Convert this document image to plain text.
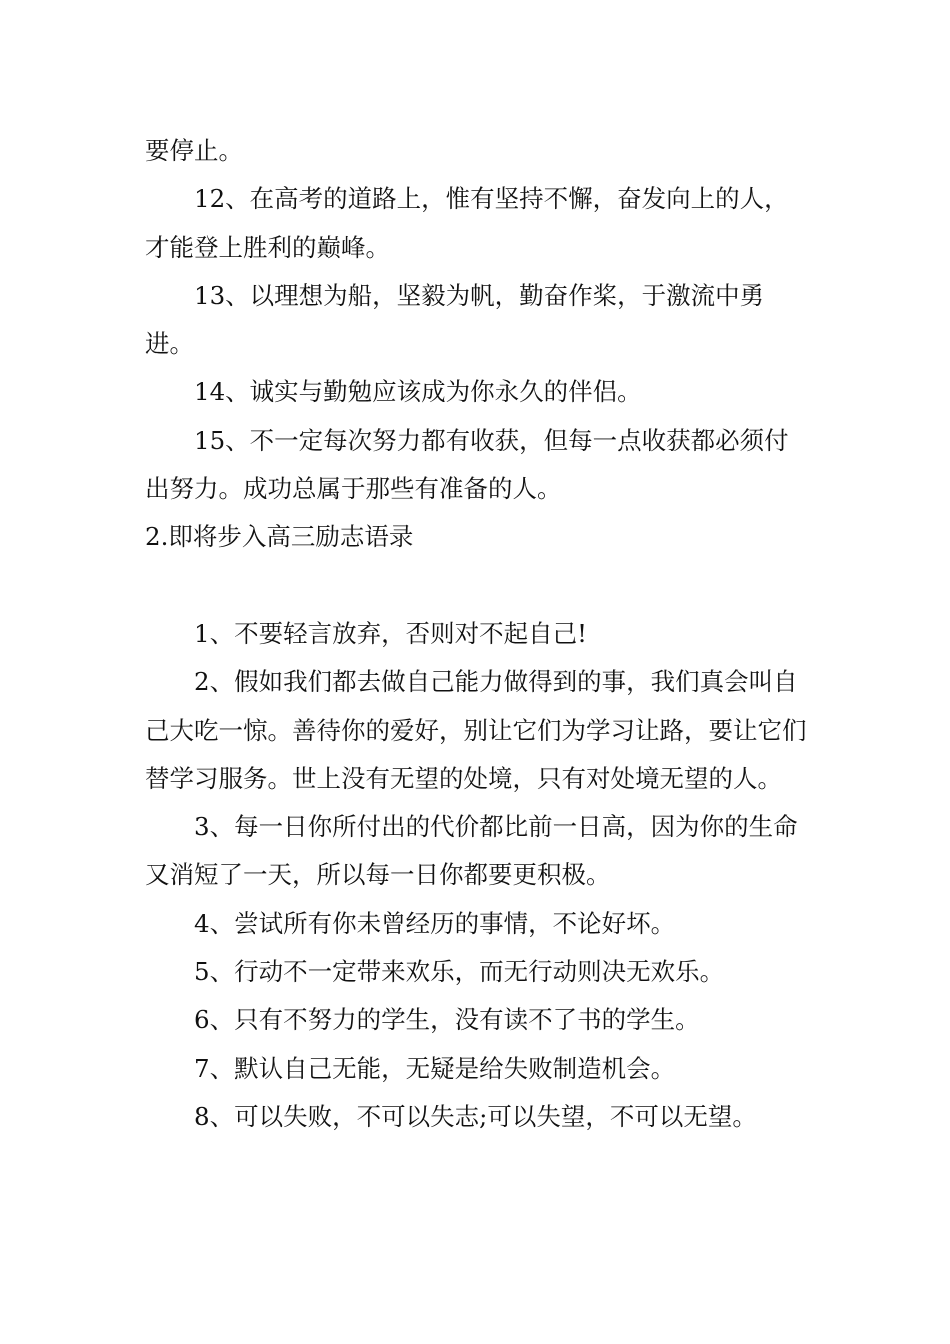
要停止。

12、在高考的道路上，惟有坚持不懈，奋发向上的人，才能登上胜利的巅峰。

13、以理想为船，坚毅为帆，勤奋作桨，于激流中勇进。

14、诚实与勤勉应该成为你永久的伴侣。

15、不一定每次努力都有收获，但每一点收获都必须付出努力。成功总属于那些有准备的人。

2.即将步入高三励志语录

1、不要轻言放弃，否则对不起自己!

2、假如我们都去做自己能力做得到的事，我们真会叫自己大吃一惊。善待你的爱好，别让它们为学习让路，要让它们替学习服务。世上没有无望的处境，只有对处境无望的人。

3、每一日你所付出的代价都比前一日高，因为你的生命又消短了一天，所以每一日你都要更积极。

4、尝试所有你未曾经历的事情，不论好坏。

5、行动不一定带来欢乐，而无行动则决无欢乐。

6、只有不努力的学生，没有读不了书的学生。

7、默认自己无能，无疑是给失败制造机会。

8、可以失败，不可以失志;可以失望，不可以无望。
